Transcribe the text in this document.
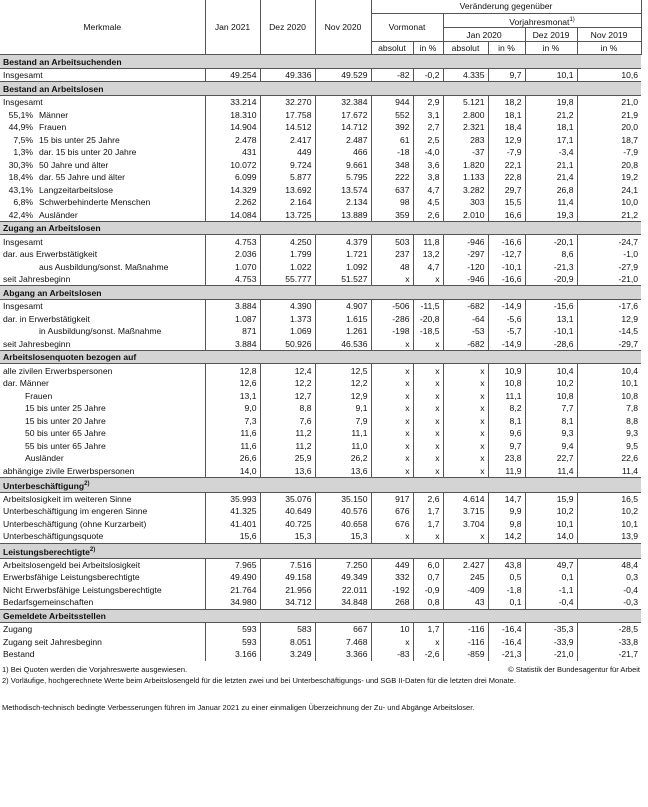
Merkmale	Jan 2021	Dez 2020	Nov 2020	Veränderung gegenüber					
				Vormonat		Vorjahresmonat$^{1)}$
						Jan 2020		Dez 2019	Nov 2019
				absolut	in %	absolut	in %	in %	in %
Bestand an Arbeitsuchenden									
Insgesamt	49.254	49.336	49.529	-82	-0,2	4.335	9,7	10,1	10,6
Bestand an Arbeitslosen									
Insgesamt	33.214	32.270	32.384	944	2,9	5.121	18,2	19,8	21,0
55,1% Männer	18.310	17.758	17.672	552	3,1	2.800	18,1	21,2	21,9
44,9% Frauen	14.904	14.512	14.712	392	2,7	2.321	18,4	18,1	20,0
7,5% 15 bis unter 25 Jahre	2.478	2.417	2.487	61	2,5	283	12,9	17,1	18,7
1,3% dar. 15 bis unter 20 Jahre	431	449	466	-18	-4,0	-37	-7,9	-3,4	-7,9
30,3% 50 Jahre und älter	10.072	9.724	9.661	348	3,6	1.820	22,1	21,1	20,8
18,4% dar. 55 Jahre und älter	6.099	5.877	5.795	222	3,8	1.133	22,8	21,4	19,2
43,1% Langzeitarbeitslose	14.329	13.692	13.574	637	4,7	3.282	29,7	26,8	24,1
6,8% Schwerbehinderte Menschen	2.262	2.164	2.134	98	4,5	303	15,5	11,4	10,0
42,4% Ausländer	14.084	13.725	13.889	359	2,6	2.010	16,6	19,3	21,2
Zugang an Arbeitslosen									
Insgesamt	4.753	4.250	4.379	503	11,8	-946	-16,6	-20,1	-24,7
dar. aus Erwerbstätigkeit	2.036	1.799	1.721	237	13,2	-297	-12,7	8,6	-1,0
aus Ausbildung/sonst. Maßnahme	1.070	1.022	1.092	48	4,7	-120	-10,1	-21,3	-27,9
seit Jahresbeginn	4.753	55.777	51.527	x	x	-946	-16,6	-20,9	-21,0
Abgang an Arbeitslosen									
Insgesamt	3.884	4.390	4.907	-506	-11,5	-682	-14,9	-15,6	-17,6
dar. in Erwerbstätigkeit	1.087	1.373	1.615	-286	-20,8	-64	-5,6	13,1	12,9
in Ausbildung/sonst. Maßnahme	871	1.069	1.261	-198	-18,5	-53	-5,7	-10,1	-14,5
seit Jahresbeginn	3.884	50.926	46.536	x	x	-682	-14,9	-28,6	-29,7
Arbeitslosenquoten bezogen auf									
alle zivilen Erwerbspersonen	12,8	12,4	12,5	x	x	x	10,9	10,4	10,4
dar. Männer	12,6	12,2	12,2	x	x	x	10,8	10,2	10,1
Frauen	13,1	12,7	12,9	x	x	x	11,1	10,8	10,8
15 bis unter 25 Jahre	9,0	8,8	9,1	x	x	x	8,2	7,7	7,8
15 bis unter 20 Jahre	7,3	7,6	7,9	x	x	x	8,1	8,1	8,8
50 bis unter 65 Jahre	11,6	11,2	11,1	x	x	x	9,6	9,3	9,3
55 bis unter 65 Jahre	11,6	11,2	11,0	x	x	x	9,7	9,4	9,5
Ausländer	26,6	25,9	26,2	x	x	x	23,8	22,7	22,6
abhängige zivile Erwerbspersonen	14,0	13,6	13,6	x	x	x	11,9	11,4	11,4
Unterbeschäftigung$^{2)}$
Arbeitslosigkeit im weiteren Sinne	35.993	35.076	35.150	917	2,6	4.614	14,7	15,9	16,5
Unterbeschäftigung im engeren Sinne	41.325	40.649	40.576	676	1,7	3.715	9,9	10,2	10,2
Unterbeschäftigung (ohne Kurzarbeit)	41.401	40.725	40.658	676	1,7	3.704	9,8	10,1	10,1
Unterbeschäftigungsquote	15,6	15,3	15,3	x	x	x	14,2	14,0	13,9
Leistungsberechtigte$^{2)}$
Arbeitslosengeld bei Arbeitslosigkeit	7.965	7.516	7.250	449	6,0	2.427	43,8	49,7	48,4
Erwerbsfähige Leistungsberechtigte	49.490	49.158	49.349	332	0,7	245	0,5	0,1	0,3
Nicht Erwerbsfähige Leistungsberechtigte	21.764	21.956	22.011	-192	-0,9	-409	-1,8	-1,1	-0,4
Bedarfsgemeinschaften	34.980	34.712	34.848	268	0,8	43	0,1	-0,4	-0,3
Gemeldete Arbeitsstellen									
Zugang	593	583	667	10	1,7	-116	-16,4	-35,3	-28,5
Zugang seit Jahresbeginn	593	8.051	7.468	x	x	-116	-16,4	-33,9	-33,8
Bestand	3.166	3.249	3.366	-83	-2,6	-859	-21,3	-21,0	-21,7
1) Bei Quoten werden die Vorjahreswerte ausgewiesen.	© Statistik der Bundesagentur für Arbeit
2) Vorläufige, hochgerechnete Werte beim Arbeitslosengeld für die letzten zwei und bei Unterbeschäftigungs- und SGB II-Daten für die letzten drei Monate.
Methodisch-technisch bedingte Verbesserungen führen im Januar 2021 zu einer einmaligen Überzeichnung der Zu- und Abgänge Arbeitsloser.
